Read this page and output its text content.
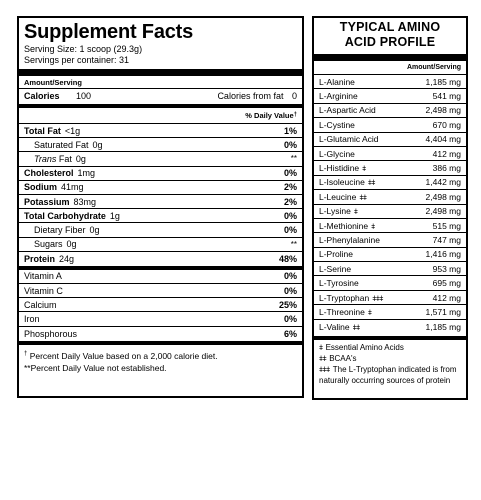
Supplement Facts
Serving Size: 1 scoop (29.3g)
Servings per container: 31
Amount/Serving
Calories 100	Calories from fat 0
% Daily Value †
Total Fat <1g	1%
Saturated Fat 0g	0%
Trans Fat 0g	**
Cholesterol 1mg	0%
Sodium 41mg	2%
Potassium 83mg	2%
Total Carbohydrate 1g	0%
Dietary Fiber 0g	0%
Sugars 0g	**
Protein 24g	48%
Vitamin A	0%
Vitamin C	0%
Calcium	25%
Iron	0%
Phosphorous	6%
† Percent Daily Value based on a 2,000 calorie diet.
**Percent Daily Value not established.
TYPICAL AMINO
ACID PROFILE
Amount/Serving
L-Alanine	1,185 mg
L-Arginine	541 mg
L-Aspartic Acid	2,498 mg
L-Cystine	670 mg
L-Glutamic Acid	4,404 mg
L-Glycine	412 mg
L-Histidine ǂ	386 mg
L-Isoleucine ǂǂ	1,442 mg
L-Leucine ǂǂ	2,498 mg
L-Lysine ǂ	2,498 mg
L-Methionine ǂ	515 mg
L-Phenylalanine	747 mg
L-Proline	1,416 mg
L-Serine	953 mg
L-Tyrosine	695 mg
L-Tryptophan ǂǂǂ	412 mg
L-Threonine ǂ	1,571 mg
L-Valine ǂǂ	1,185 mg
ǂ Essential Amino Acids
ǂǂ BCAA's
ǂǂǂ The L-Tryptophan indicated is from naturally occurring sources of protein
